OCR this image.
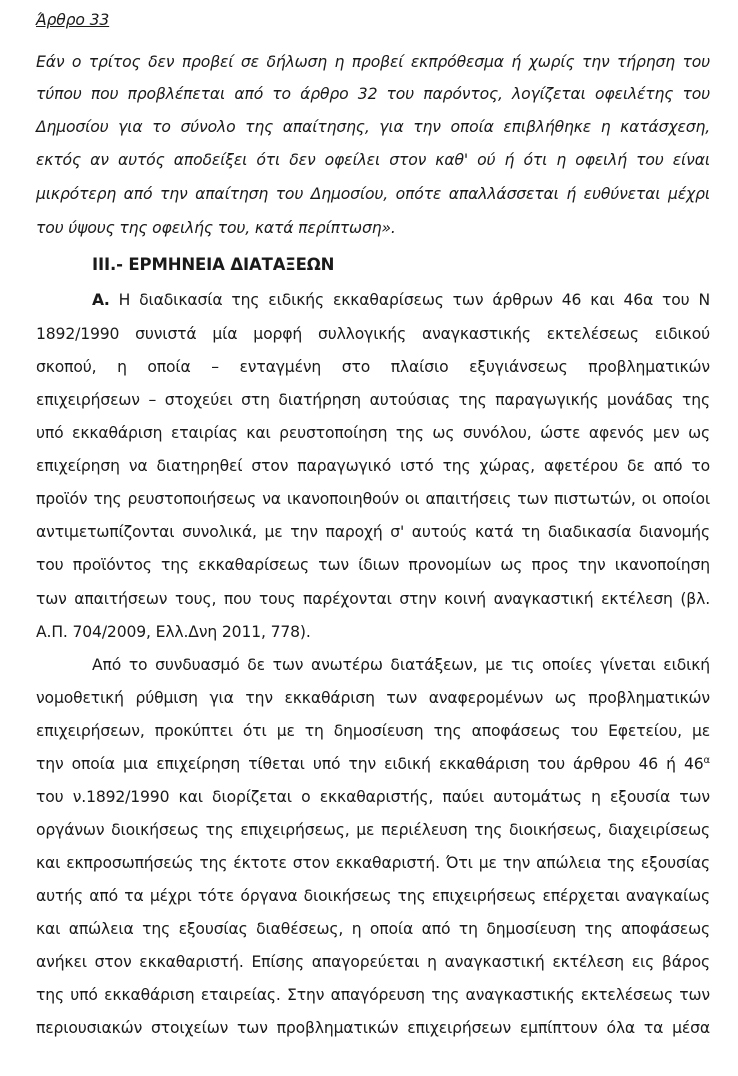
Άρθρο 33
Εάν ο τρίτος δεν προβεί σε δήλωση η προβεί εκπρόθεσμα ή χωρίς την τήρηση του
τύπου που προβλέπεται από το άρθρο 32 του παρόντος, λογίζεται οφειλέτης του
Δημοσίου για το σύνολο της απαίτησης, για την οποία επιβλήθηκε η κατάσχεση,
εκτός αν αυτός αποδείξει ότι δεν οφείλει στον καθ' ού ή ότι η οφειλή του είναι
μικρότερη από την απαίτηση του Δημοσίου, οπότε απαλλάσσεται ή ευθύνεται μέχρι
του ύψους της οφειλής του, κατά περίπτωση».
ΙΙΙ.- ΕΡΜΗΝΕΙΑ ΔΙΑΤΑΞΕΩΝ
Α. Η διαδικασία της ειδικής εκκαθαρίσεως των άρθρων 46 και 46α του Ν
1892/1990 συνιστά μία μορφή συλλογικής αναγκαστικής εκτελέσεως ειδικού
σκοπού, η οποία – ενταγμένη στο πλαίσιο εξυγιάνσεως προβληματικών
επιχειρήσεων – στοχεύει στη διατήρηση αυτούσιας της παραγωγικής μονάδας της
υπό εκκαθάριση εταιρίας και ρευστοποίηση της ως συνόλου, ώστε αφενός μεν ως
επιχείρηση να διατηρηθεί στον παραγωγικό ιστό της χώρας, αφετέρου δε από το
προϊόν της ρευστοποιήσεως να ικανοποιηθούν οι απαιτήσεις των πιστωτών, οι οποίοι
αντιμετωπίζονται συνολικά, με την παροχή σ' αυτούς κατά τη διαδικασία διανομής
του προϊόντος της εκκαθαρίσεως των ίδιων προνομίων ως προς την ικανοποίηση
των απαιτήσεων τους, που τους παρέχονται στην κοινή αναγκαστική εκτέλεση (βλ.
Α.Π. 704/2009, Ελλ.Δνη 2011, 778).
Από το συνδυασμό δε των ανωτέρω διατάξεων, με τις οποίες γίνεται ειδική
νομοθετική ρύθμιση για την εκκαθάριση των αναφερομένων ως προβληματικών
επιχειρήσεων, προκύπτει ότι με τη δημοσίευση της αποφάσεως του Εφετείου, με
την οποία μια επιχείρηση τίθεται υπό την ειδική εκκαθάριση του άρθρου 46 ή $46^\alpha$
του ν.1892/1990 και διορίζεται ο εκκαθαριστής, παύει αυτομάτως η εξουσία των
οργάνων διοικήσεως της επιχειρήσεως, με περιέλευση της διοικήσεως, διαχειρίσεως
και εκπροσωπήσεώς της έκτοτε στον εκκαθαριστή. Ότι με την απώλεια της εξουσίας
αυτής από τα μέχρι τότε όργανα διοικήσεως της επιχειρήσεως επέρχεται αναγκαίως
και απώλεια της εξουσίας διαθέσεως, η οποία από τη δημοσίευση της αποφάσεως
ανήκει στον εκκαθαριστή. Επίσης απαγορεύεται η αναγκαστική εκτέλεση εις βάρος
της υπό εκκαθάριση εταιρείας. Στην απαγόρευση της αναγκαστικής εκτελέσεως των
περιουσιακών στοιχείων των προβληματικών επιχειρήσεων εμπίπτουν όλα τα μέσα
